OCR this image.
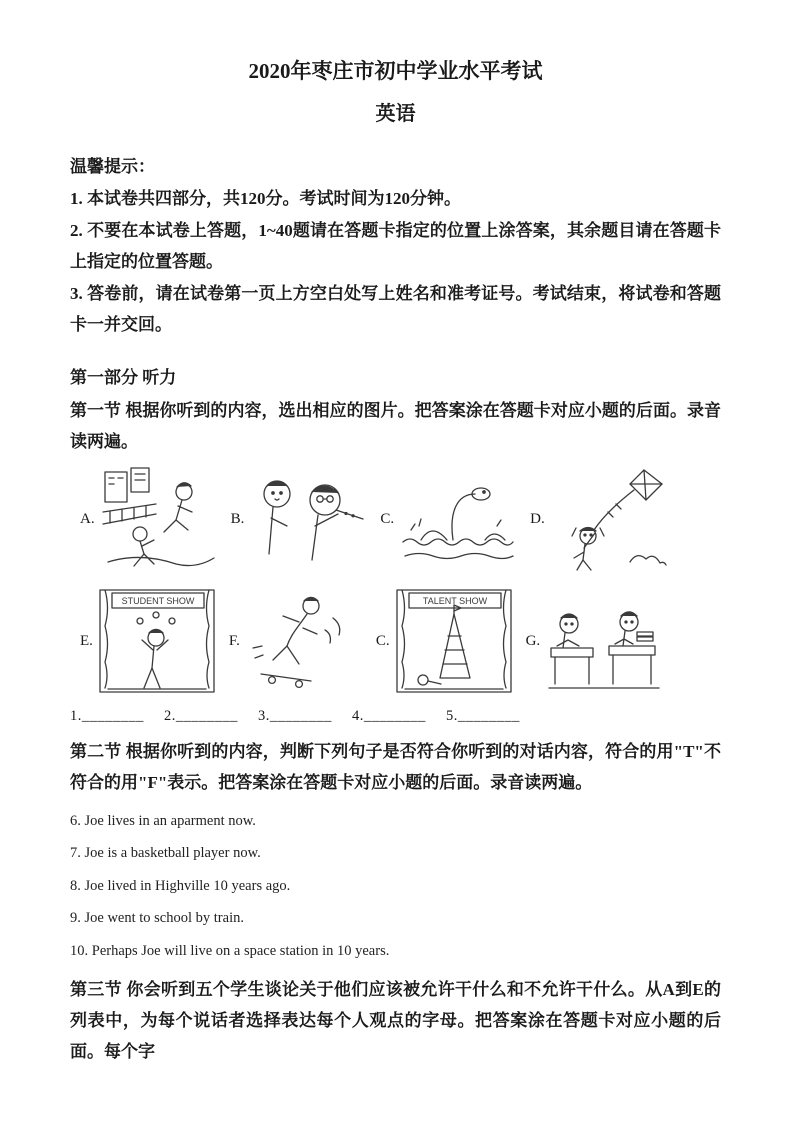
2020年枣庄市初中学业水平考试
英语

温馨提示：

1. 本试卷共四部分，共120分。考试时间为120分钟。

2. 不要在本试卷上答题，1~40题请在答题卡指定的位置上涂答案，其余题目请在答题卡上指定的位置答题。

3. 答卷前，请在试卷第一页上方空白处写上姓名和准考证号。考试结束，将试卷和答题卡一并交回。

第一部分 听力

第一节 根据你听到的内容，选出相应的图片。把答案涂在答题卡对应小题的后面。录音读两遍。

A.	B.	C.	D.
E.
STUDENT SHOW
F.	C.
TALENT SHOW
G.
1.________ 2.________ 3.________ 4.________ 5.________

第二节 根据你听到的内容，判断下列句子是否符合你听到的对话内容，符合的用"T"不符合的用"F"表示。把答案涂在答题卡对应小题的后面。录音读两遍。

6. Joe lives in an aparment now.
7. Joe is a basketball player now.
8. Joe lived in Highville 10 years ago.
9. Joe went to school by train.
10. Perhaps Joe will live on a space station in 10 years.

第三节 你会听到五个学生谈论关于他们应该被允许干什么和不允许干什么。从A到E的列表中，为每个说话者选择表达每个人观点的字母。把答案涂在答题卡对应小题的后面。每个字
